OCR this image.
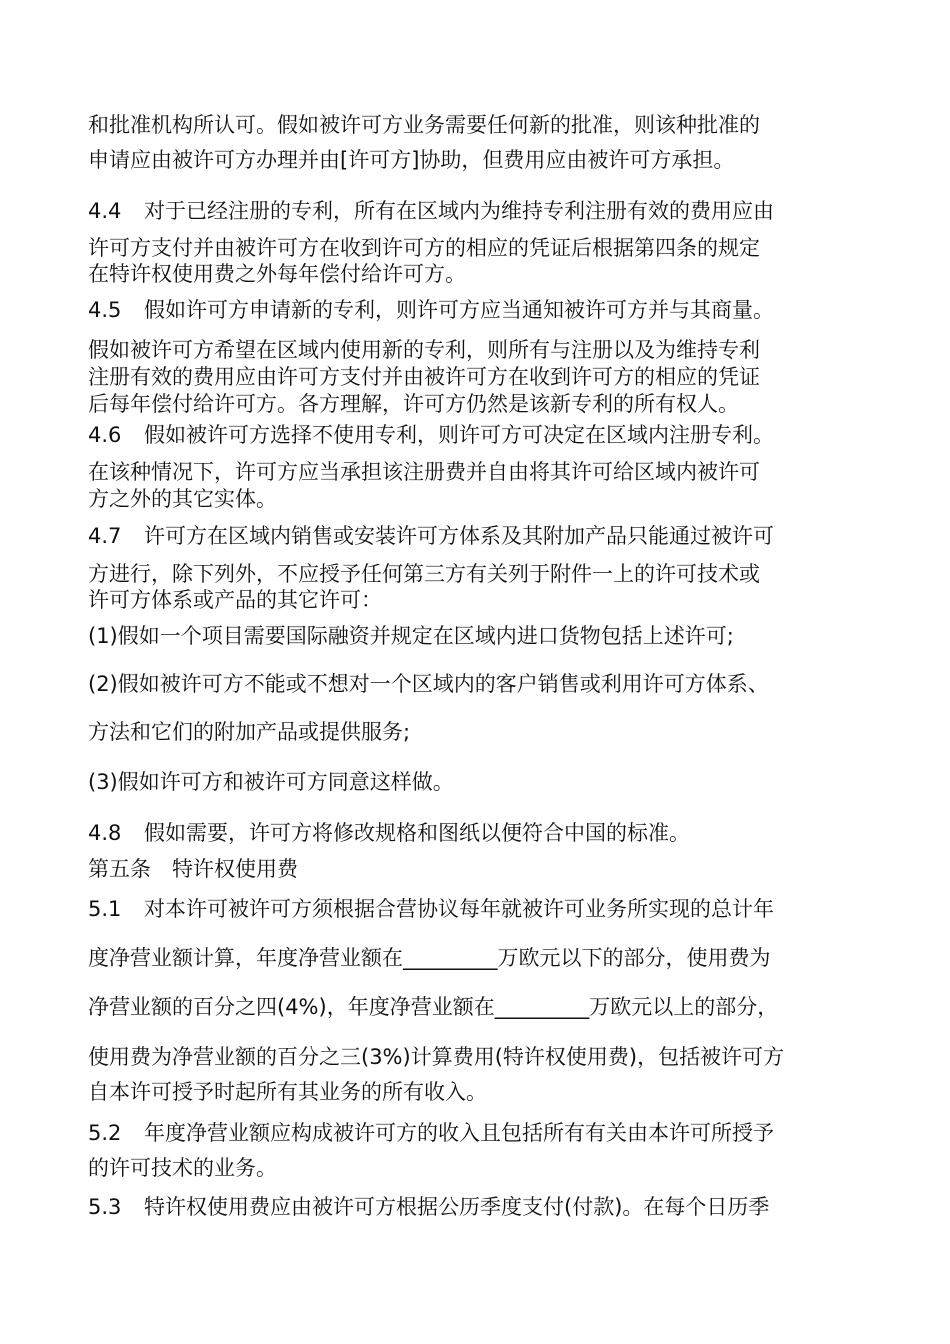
和批准机构所认可。假如被许可方业务需要任何新的批准，则该种批准的
申请应由被许可方办理并由[许可方]协助，但费用应由被许可方承担。
4.4 对于已经注册的专利，所有在区域内为维持专利注册有效的费用应由
许可方支付并由被许可方在收到许可方的相应的凭证后根据第四条的规定
在特许权使用费之外每年偿付给许可方。
4.5 假如许可方申请新的专利，则许可方应当通知被许可方并与其商量。
假如被许可方希望在区域内使用新的专利，则所有与注册以及为维持专利
注册有效的费用应由许可方支付并由被许可方在收到许可方的相应的凭证
后每年偿付给许可方。各方理解，许可方仍然是该新专利的所有权人。
4.6 假如被许可方选择不使用专利，则许可方可决定在区域内注册专利。
在该种情况下，许可方应当承担该注册费并自由将其许可给区域内被许可
方之外的其它实体。
4.7 许可方在区域内销售或安装许可方体系及其附加产品只能通过被许可
方进行，除下列外，不应授予任何第三方有关列于附件一上的许可技术或
许可方体系或产品的其它许可：
(1)假如一个项目需要国际融资并规定在区域内进口货物包括上述许可;
(2)假如被许可方不能或不想对一个区域内的客户销售或利用许可方体系、
方法和它们的附加产品或提供服务;
(3)假如许可方和被许可方同意这样做。
4.8 假如需要，许可方将修改规格和图纸以便符合中国的标准。
第五条　特许权使用费
5.1 对本许可被许可方须根据合营协议每年就被许可业务所实现的总计年
度净营业额计算，年度净营业额在_________万欧元以下的部分，使用费为
净营业额的百分之四(4%)，年度净营业额在_________万欧元以上的部分，
使用费为净营业额的百分之三(3%)计算费用(特许权使用费)，包括被许可方
自本许可授予时起所有其业务的所有收入。
5.2 年度净营业额应构成被许可方的收入且包括所有有关由本许可所授予
的许可技术的业务。
5.3 特许权使用费应由被许可方根据公历季度支付(付款)。在每个日历季
